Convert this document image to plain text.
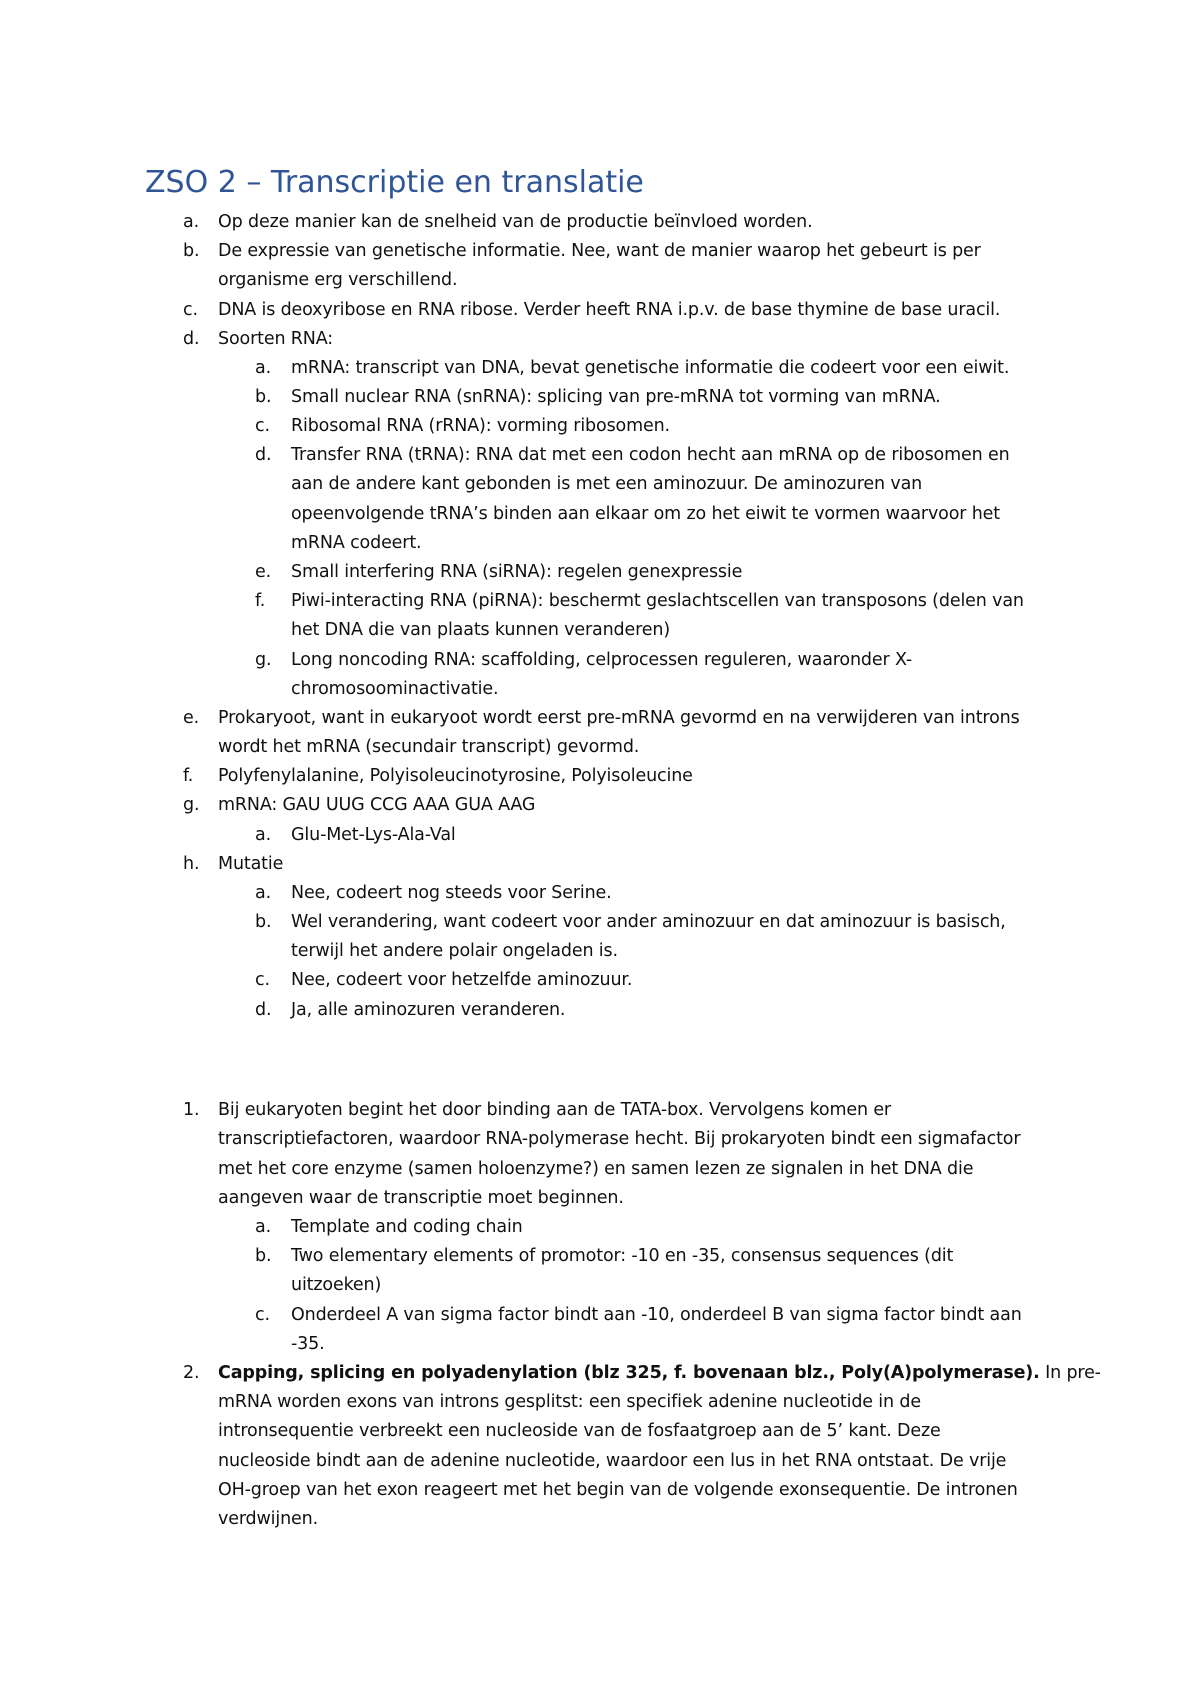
ZSO 2 – Transcriptie en translatie
a. Op deze manier kan de snelheid van de productie beïnvloed worden.
b. De expressie van genetische informatie. Nee, want de manier waarop het gebeurt is per
organisme erg verschillend.
c. DNA is deoxyribose en RNA ribose. Verder heeft RNA i.p.v. de base thymine de base uracil.
d. Soorten RNA:
a. mRNA: transcript van DNA, bevat genetische informatie die codeert voor een eiwit.
b. Small nuclear RNA (snRNA): splicing van pre-mRNA tot vorming van mRNA.
c. Ribosomal RNA (rRNA): vorming ribosomen.
d. Transfer RNA (tRNA): RNA dat met een codon hecht aan mRNA op de ribosomen en
aan de andere kant gebonden is met een aminozuur. De aminozuren van
opeenvolgende tRNA’s binden aan elkaar om zo het eiwit te vormen waarvoor het
mRNA codeert.
e. Small interfering RNA (siRNA): regelen genexpressie
f. Piwi-interacting RNA (piRNA): beschermt geslachtscellen van transposons (delen van
het DNA die van plaats kunnen veranderen)
g. Long noncoding RNA: scaffolding, celprocessen reguleren, waaronder X-
chromosoominactivatie.
e. Prokaryoot, want in eukaryoot wordt eerst pre-mRNA gevormd en na verwijderen van introns
wordt het mRNA (secundair transcript) gevormd.
f. Polyfenylalanine, Polyisoleucinotyrosine, Polyisoleucine
g. mRNA: GAU UUG CCG AAA GUA AAG
a. Glu-Met-Lys-Ala-Val
h. Mutatie
a. Nee, codeert nog steeds voor Serine.
b. Wel verandering, want codeert voor ander aminozuur en dat aminozuur is basisch,
terwijl het andere polair ongeladen is.
c. Nee, codeert voor hetzelfde aminozuur.
d. Ja, alle aminozuren veranderen.
1. Bij eukaryoten begint het door binding aan de TATA-box. Vervolgens komen er
transcriptiefactoren, waardoor RNA-polymerase hecht. Bij prokaryoten bindt een sigmafactor
met het core enzyme (samen holoenzyme?) en samen lezen ze signalen in het DNA die
aangeven waar de transcriptie moet beginnen.
a. Template and coding chain
b. Two elementary elements of promotor: -10 en -35, consensus sequences (dit
uitzoeken)
c. Onderdeel A van sigma factor bindt aan -10, onderdeel B van sigma factor bindt aan
-35.
2. Capping, splicing en polyadenylation (blz 325, f. bovenaan blz., Poly(A)polymerase). In pre-
mRNA worden exons van introns gesplitst: een specifiek adenine nucleotide in de
intronsequentie verbreekt een nucleoside van de fosfaatgroep aan de 5’ kant. Deze
nucleoside bindt aan de adenine nucleotide, waardoor een lus in het RNA ontstaat. De vrije
OH-groep van het exon reageert met het begin van de volgende exonsequentie. De intronen
verdwijnen.
